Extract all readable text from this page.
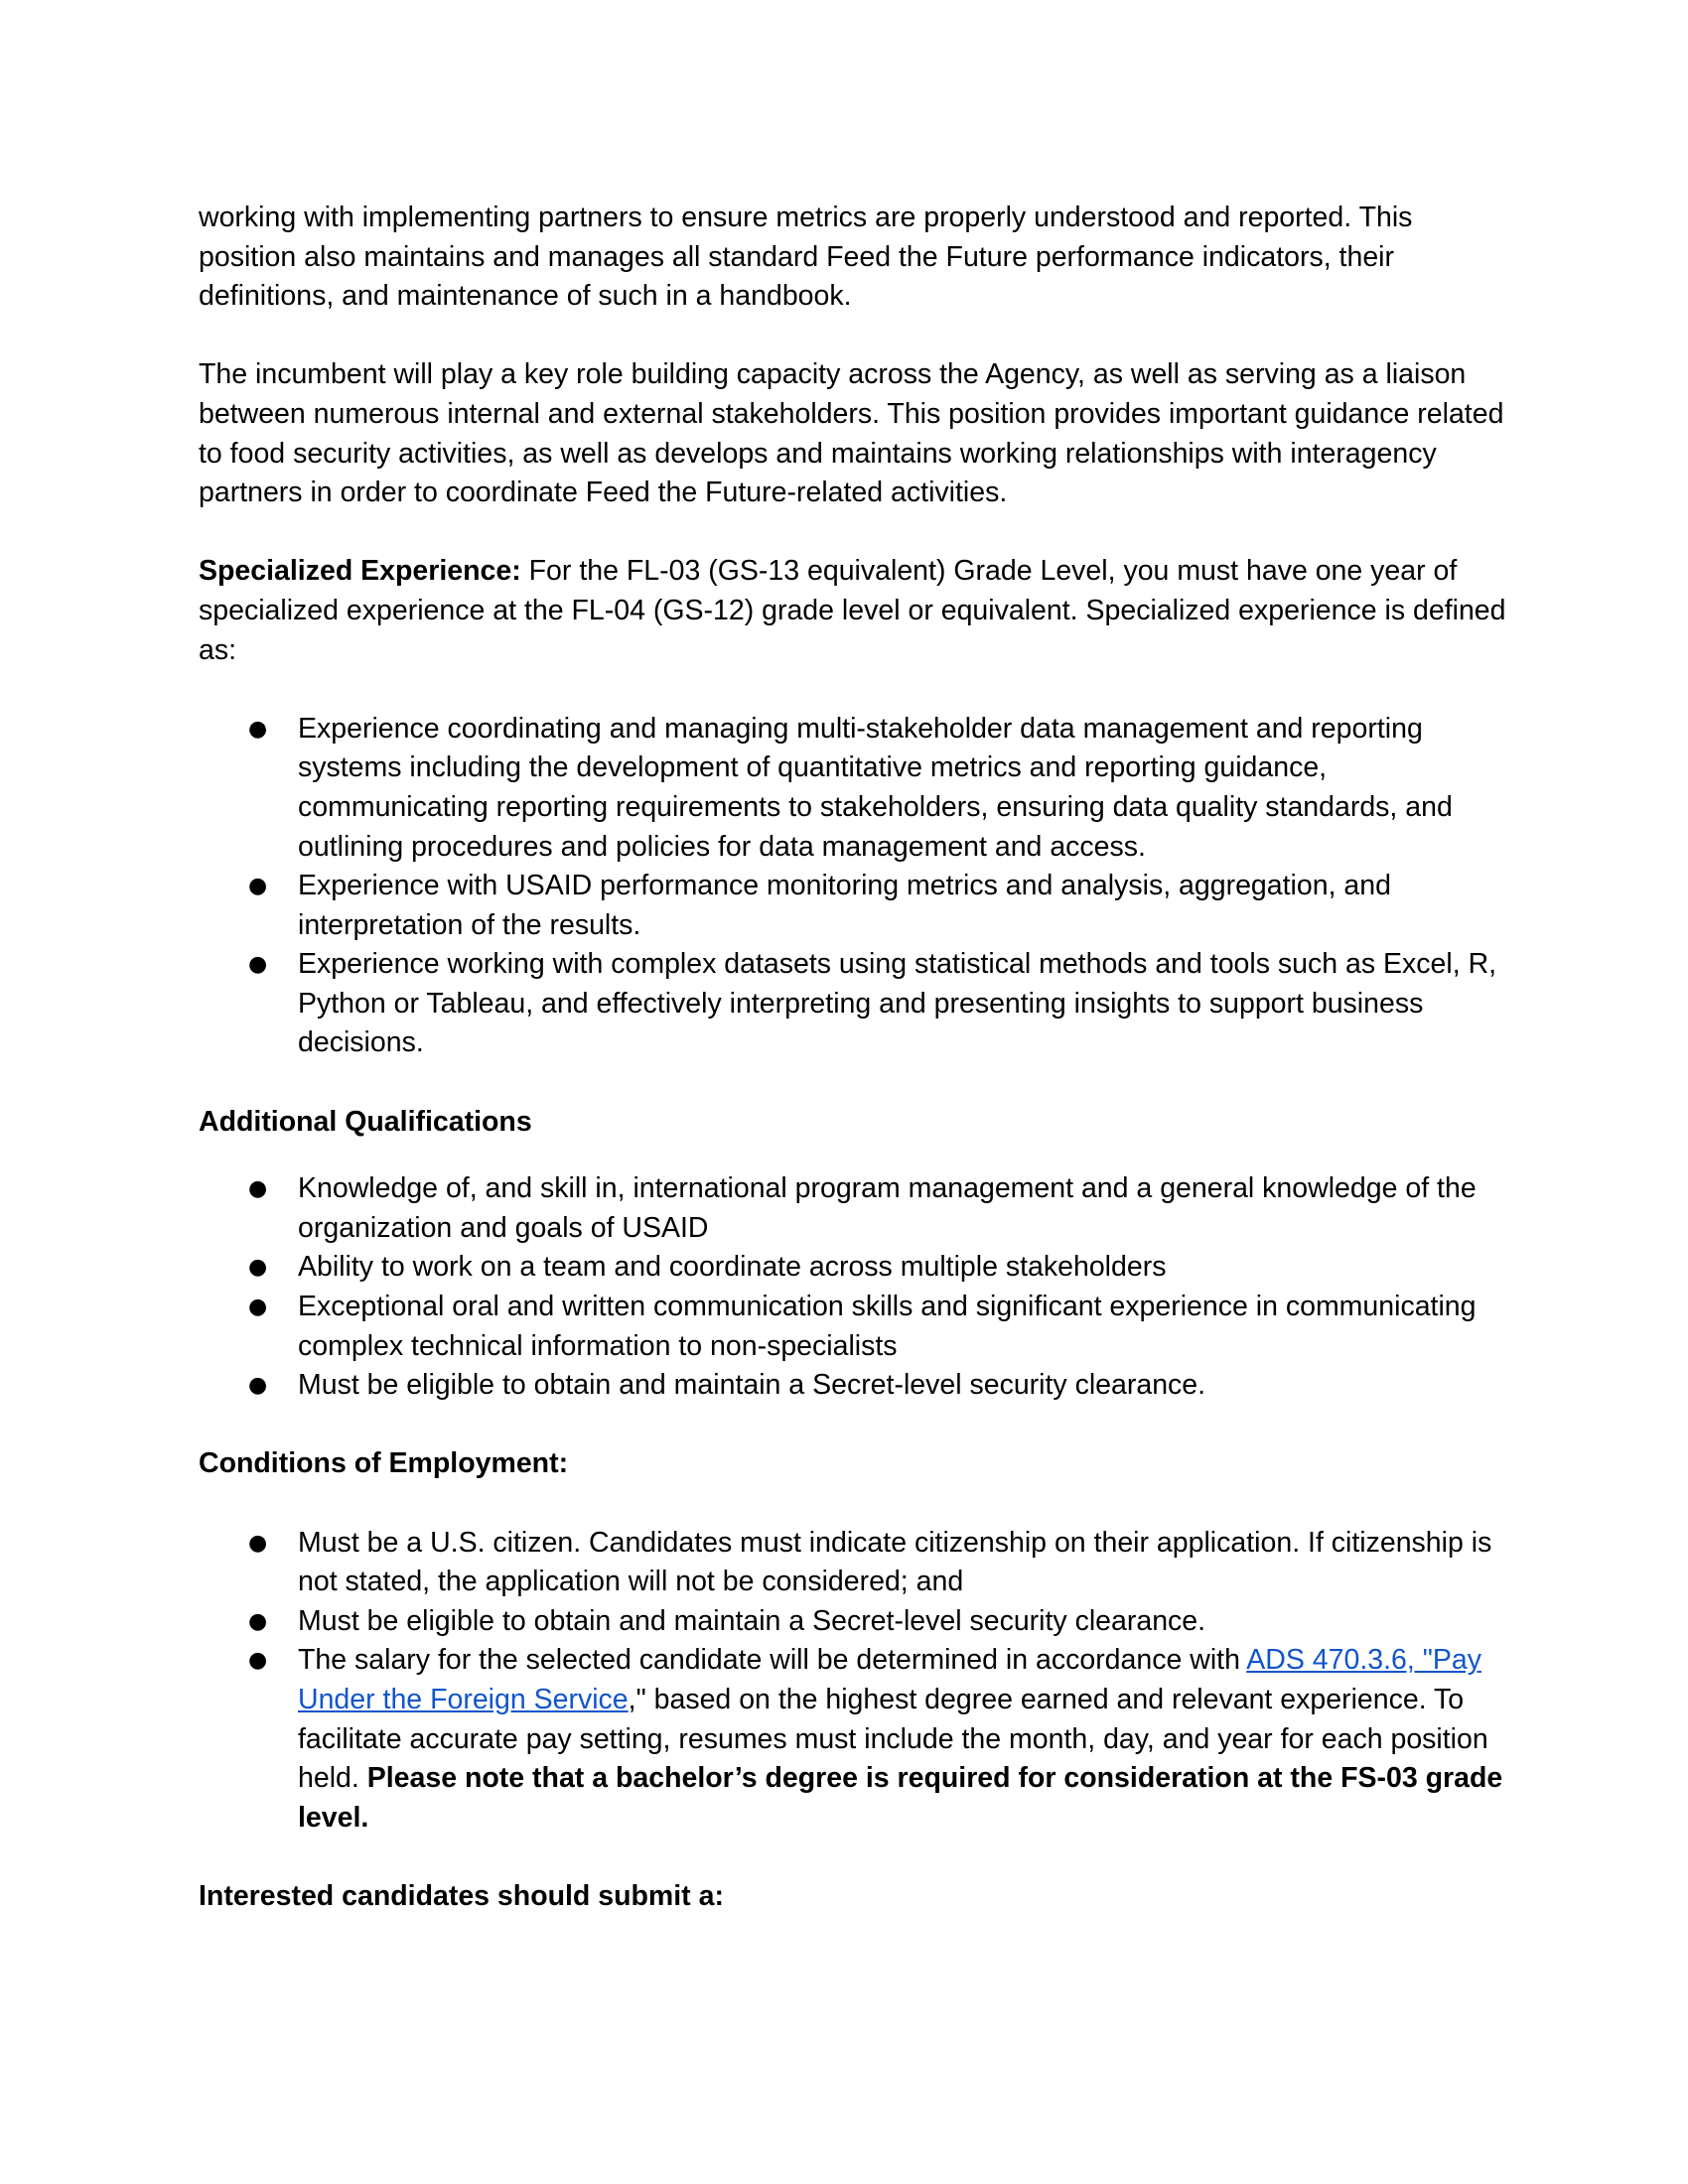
working with implementing partners to ensure metrics are properly understood and reported. This position also maintains and manages all standard Feed the Future performance indicators, their definitions, and maintenance of such in a handbook.

The incumbent will play a key role building capacity across the Agency, as well as serving as a liaison between numerous internal and external stakeholders. This position provides important guidance related to food security activities, as well as develops and maintains working relationships with interagency partners in order to coordinate Feed the Future-related activities.

Specialized Experience: For the FL-03 (GS-13 equivalent) Grade Level, you must have one year of specialized experience at the FL-04 (GS-12) grade level or equivalent. Specialized experience is defined as:

● Experience coordinating and managing multi-stakeholder data management and reporting systems including the development of quantitative metrics and reporting guidance, communicating reporting requirements to stakeholders, ensuring data quality standards, and outlining procedures and policies for data management and access.
● Experience with USAID performance monitoring metrics and analysis, aggregation, and interpretation of the results.
● Experience working with complex datasets using statistical methods and tools such as Excel, R, Python or Tableau, and effectively interpreting and presenting insights to support business decisions.

Additional Qualifications

● Knowledge of, and skill in, international program management and a general knowledge of the organization and goals of USAID
● Ability to work on a team and coordinate across multiple stakeholders
● Exceptional oral and written communication skills and significant experience in communicating complex technical information to non-specialists
● Must be eligible to obtain and maintain a Secret-level security clearance.

Conditions of Employment:

● Must be a U.S. citizen. Candidates must indicate citizenship on their application. If citizenship is not stated, the application will not be considered; and
● Must be eligible to obtain and maintain a Secret-level security clearance.
● The salary for the selected candidate will be determined in accordance with ADS 470.3.6, "Pay Under the Foreign Service," based on the highest degree earned and relevant experience. To facilitate accurate pay setting, resumes must include the month, day, and year for each position held. Please note that a bachelor’s degree is required for consideration at the FS-03 grade level.

Interested candidates should submit a:
